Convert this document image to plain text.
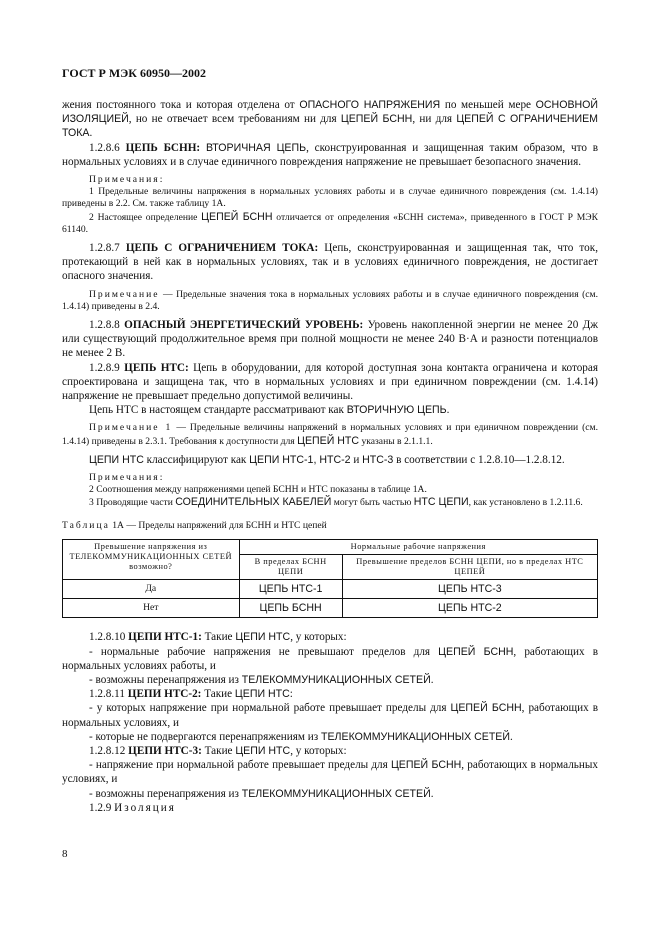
ГОСТ Р МЭК 60950—2002

жения постоянного тока и которая отделена от ОПАСНОГО НАПРЯЖЕНИЯ по меньшей мере ОСНОВНОЙ ИЗОЛЯЦИЕЙ, но не отвечает всем требованиям ни для ЦЕПЕЙ БСНН, ни для ЦЕПЕЙ С ОГРАНИЧЕНИЕМ ТОКА.

1.2.8.6 ЦЕПЬ БСНН: ВТОРИЧНАЯ ЦЕПЬ, сконструированная и защищенная таким образом, что в нормальных условиях и в случае единичного повреждения напряжение не превышает безопасного значения.

Примечания:

1 Предельные величины напряжения в нормальных условиях работы и в случае единичного повреждения (см. 1.4.14) приведены в 2.2. См. также таблицу 1А.

2 Настоящее определение ЦЕПЕЙ БСНН отличается от определения «БСНН система», приведенного в ГОСТ Р МЭК 61140.

1.2.8.7 ЦЕПЬ С ОГРАНИЧЕНИЕМ ТОКА: Цепь, сконструированная и защищенная так, что ток, протекающий в ней как в нормальных условиях, так и в условиях единичного повреждения, не достигает опасного значения.

Примечание — Предельные значения тока в нормальных условиях работы и в случае единичного повреждения (см. 1.4.14) приведены в 2.4.

1.2.8.8 ОПАСНЫЙ ЭНЕРГЕТИЧЕСКИЙ УРОВЕНЬ: Уровень накопленной энергии не менее 20 Дж или существующий продолжительное время при полной мощности не менее 240 В·А и разности потенциалов не менее 2 В.

1.2.8.9 ЦЕПЬ НТС: Цепь в оборудовании, для которой доступная зона контакта ограничена и которая спроектирована и защищена так, что в нормальных условиях и при единичном повреждении (см. 1.4.14) напряжение не превышает предельно допустимой величины.

Цепь НТС в настоящем стандарте рассматривают как ВТОРИЧНУЮ ЦЕПЬ.

Примечание 1 — Предельные величины напряжений в нормальных условиях и при единичном повреждении (см. 1.4.14) приведены в 2.3.1. Требования к доступности для ЦЕПЕЙ НТС указаны в 2.1.1.1.

ЦЕПИ НТС классифицируют как ЦЕПИ НТС-1, НТС-2 и НТС-3 в соответствии с 1.2.8.10—1.2.8.12.

Примечания:

2 Соотношения между напряжениями цепей БСНН и НТС показаны в таблице 1А.

3 Проводящие части СОЕДИНИТЕЛЬНЫХ КАБЕЛЕЙ могут быть частью НТС ЦЕПИ, как установлено в 1.2.11.6.

Таблица 1А — Пределы напряжений для БСНН и НТС цепей

Превышение напряжения из ТЕЛЕКОММУНИКАЦИОННЫХ СЕТЕЙ возможно?	Нормальные рабочие напряжения	
	В пределах БСНН ЦЕПИ	Превышение пределов БСНН ЦЕПИ, но в пределах НТС ЦЕПЕЙ
Да	ЦЕПЬ НТС-1	ЦЕПЬ НТС-3
Нет	ЦЕПЬ БСНН	ЦЕПЬ НТС-2

1.2.8.10 ЦЕПИ НТС-1: Такие ЦЕПИ НТС, у которых:

- нормальные рабочие напряжения не превышают пределов для ЦЕПЕЙ БСНН, работающих в нормальных условиях работы, и

- возможны перенапряжения из ТЕЛЕКОММУНИКАЦИОННЫХ СЕТЕЙ.

1.2.8.11 ЦЕПИ НТС-2: Такие ЦЕПИ НТС:

- у которых напряжение при нормальной работе превышает пределы для ЦЕПЕЙ БСНН, работающих в нормальных условиях, и

- которые не подвергаются перенапряжениям из ТЕЛЕКОММУНИКАЦИОННЫХ СЕТЕЙ.

1.2.8.12 ЦЕПИ НТС-3: Такие ЦЕПИ НТС, у которых:

- напряжение при нормальной работе превышает пределы для ЦЕПЕЙ БСНН, работающих в нормальных условиях, и

- возможны перенапряжения из ТЕЛЕКОММУНИКАЦИОННЫХ СЕТЕЙ.

1.2.9 Изоляция

8
